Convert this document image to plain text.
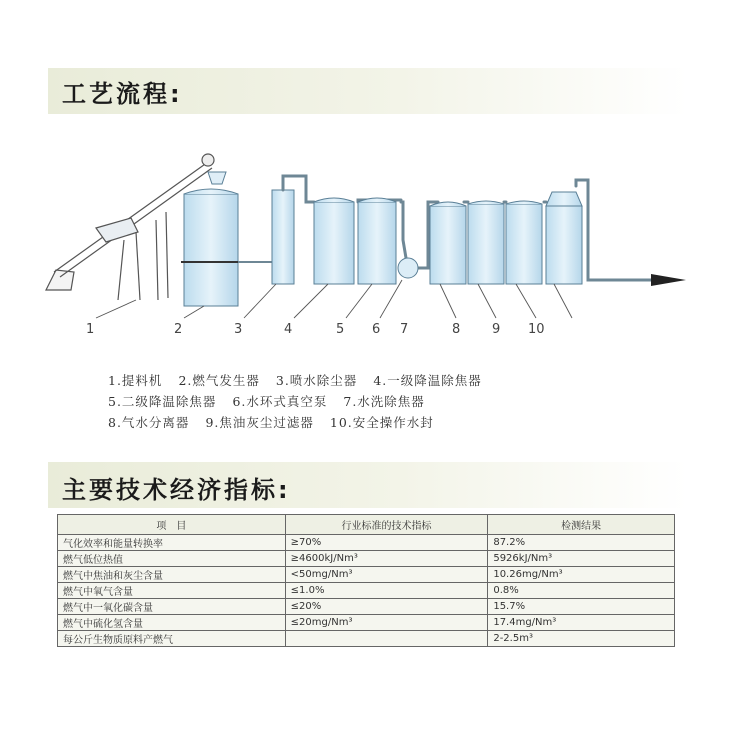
工艺流程:
1	2	3	4	5 6 7	8 9 10
1.提料机 2.燃气发生器 3.喷水除尘器 4.一级降温除焦器
5.二级降温除焦器 6.水环式真空泵 7.水洗除焦器
8.气水分离器 9.焦油灰尘过滤器 10.安全操作水封
主要技术经济指标:
项　目	行业标准的技术指标	检测结果
气化效率和能量转换率	≥70%	87.2%
燃气低位热值	≥4600kJ/Nm³	5926kJ/Nm³
燃气中焦油和灰尘含量	<50mg/Nm³	10.26mg/Nm³
燃气中氧气含量	≤1.0%	0.8%
燃气中一氧化碳含量	≤20%	15.7%
燃气中硫化氢含量	≤20mg/Nm³	17.4mg/Nm³
每公斤生物质原料产燃气		2-2.5m³
